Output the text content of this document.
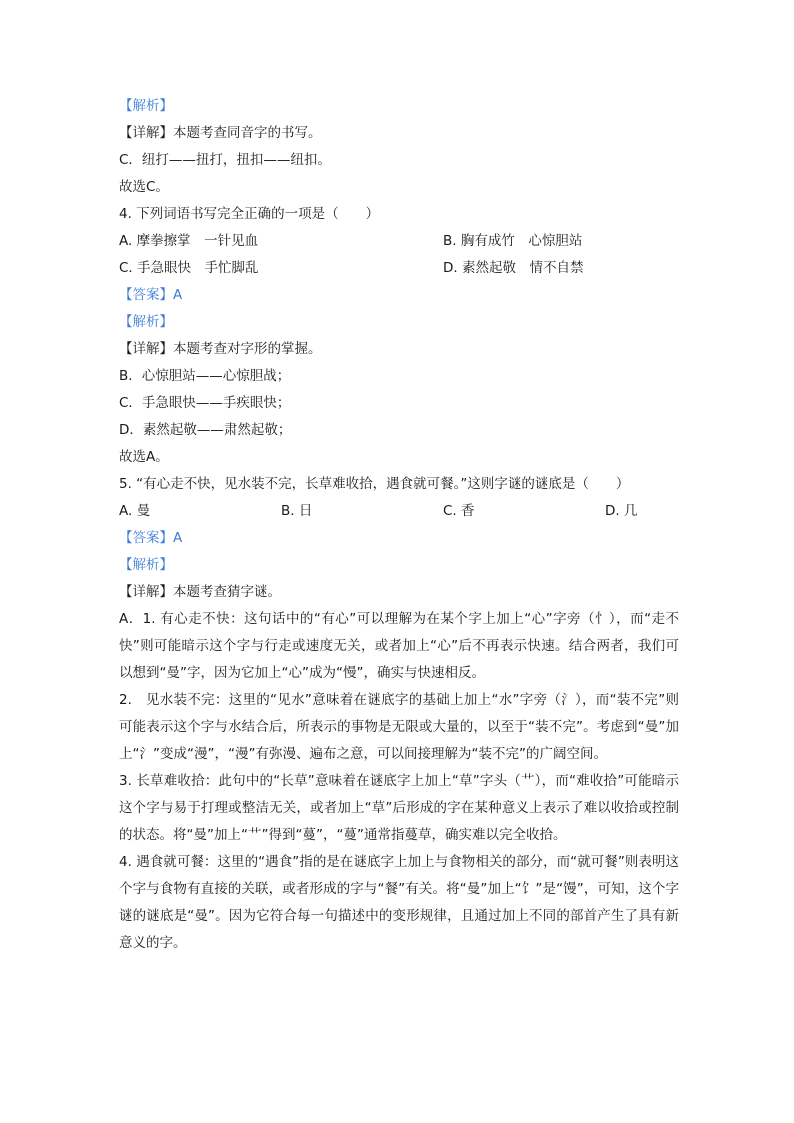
【解析】
【详解】本题考查同音字的书写。
C．纽打——扭打，扭扣——纽扣。
故选C。
4. 下列词语书写完全正确的一项是（　　）
A. 摩拳擦掌　一针见血	B. 胸有成竹　心惊胆站
C. 手急眼快　手忙脚乱	D. 素然起敬　情不自禁
【答案】A
【解析】
【详解】本题考查对字形的掌握。
B．心惊胆站——心惊胆战；
C．手急眼快——手疾眼快；
D．素然起敬——肃然起敬；
故选A。
5. “有心走不快，见水装不完，长草难收拾，遇食就可餐。”这则字谜的谜底是（　　）
A. 曼	B. 日	C. 香	D. 几
【答案】A
【解析】
【详解】本题考查猜字谜。
A．1. 有心走不快：这句话中的“有心”可以理解为在某个字上加上“心”字旁（忄），而“走不快”则可能暗示这个字与行走或速度无关，或者加上“心”后不再表示快速。结合两者，我们可以想到“曼”字，因为它加上“心”成为“慢”，确实与快速相反。
2.　见水装不完：这里的“见水”意味着在谜底字的基础上加上“水”字旁（氵），而“装不完”则可能表示这个字与水结合后，所表示的事物是无限或大量的，以至于“装不完”。考虑到“曼”加上“氵”变成“漫”，“漫”有弥漫、遍布之意，可以间接理解为“装不完”的广阔空间。
3. 长草难收拾：此句中的“长草”意味着在谜底字上加上“草”字头（艹），而“难收拾”可能暗示这个字与易于打理或整洁无关，或者加上“草”后形成的字在某种意义上表示了难以收拾或控制的状态。将“曼”加上“艹”得到“蔓”，“蔓”通常指蔓草，确实难以完全收拾。
4. 遇食就可餐：这里的“遇食”指的是在谜底字上加上与食物相关的部分，而“就可餐”则表明这个字与食物有直接的关联，或者形成的字与“餐”有关。将“曼”加上“饣”是“馒”，可知，这个字谜的谜底是“曼”。因为它符合每一句描述中的变形规律，且通过加上不同的部首产生了具有新意义的字。
